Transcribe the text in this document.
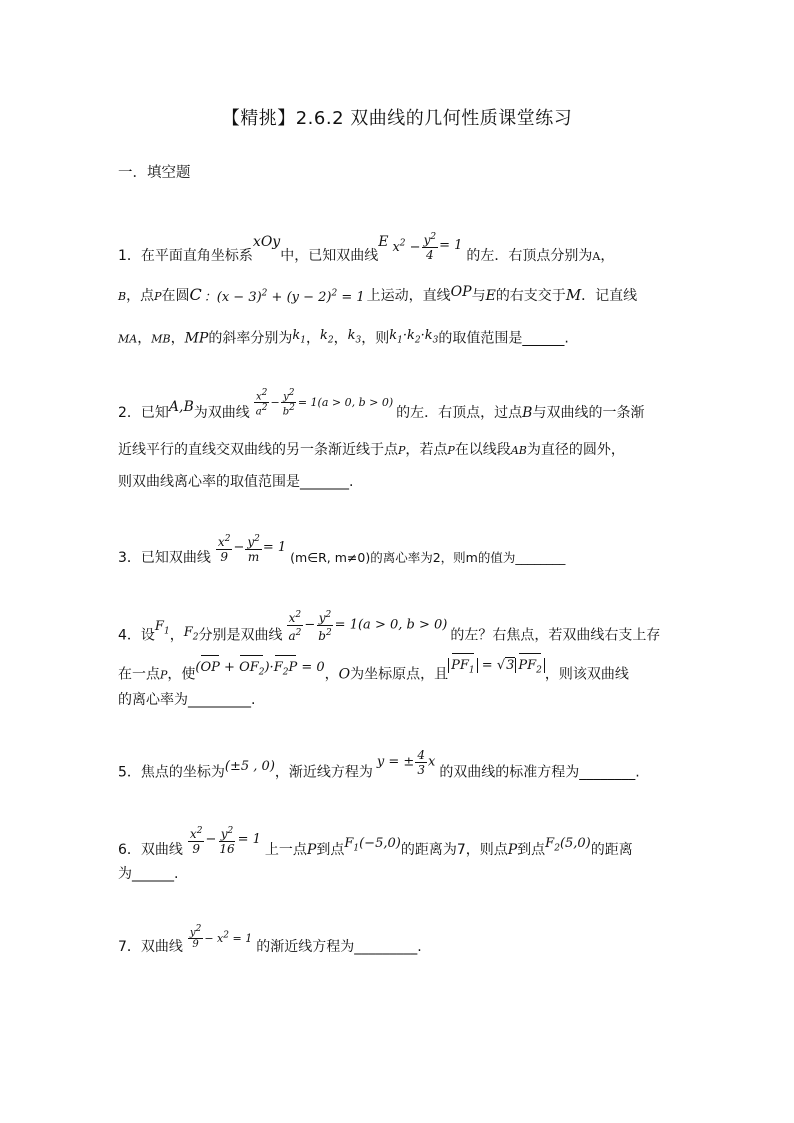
【精挑】2.6.2 双曲线的几何性质课堂练习
一．填空题
1．在平面直角坐标系xOy中，已知双曲线E $x^2 - \frac{y^2}{4} = 1$的左．右顶点分别为A，
B，点P在圆C ：$(x - 3)^2 + (y - 2)^2 = 1$ 上运动，直线OP与E的右支交于M．记直线
MA，MB，MP的斜率分别为$k_1$，$k_2$，$k_3$，则$k_1\cdot k_2\cdot k_3$的取值范围是______.
2．已知A,B为双曲线 $\frac{x^2}{a^2} - \frac{y^2}{b^2} = 1(a > 0$, b > 0)的左．右顶点，过点B与双曲线的一条渐
近线平行的直线交双曲线的另一条渐近线于点P，若点P在以线段AB为直径的圆外，
则双曲线离心率的取值范围是_______.
3．已知双曲线 $\frac{x^2}{9} - \frac{y^2}{m}$ = 1(m∈R, m≠0)的离心率为2，则m的值为________
4．设$F_1$，$F_2$分别是双曲线 $\frac{x^2}{a^2} - \frac{y^2}{b^2} = 1(a > 0$, b > 0)的左？右焦点，若双曲线右支上存
在一点P，使$(OP + OF_2)\cdot F_2P = 0$，O为坐标原点，且$PF_1 = √3$ $PF_2$ ，则该双曲线
的离心率为_________.
5．焦点的坐标为(±5 , 0)，渐近线方程为y = ± $\frac{4}{3}$ x的双曲线的标准方程为________.
6．双曲线 $\frac{x^2}{9} - \frac{y^2}{16} = 1$上一点P到点$F_1(-5,0)$的距离为7，则点P到点$F_2(5,0)$的距离
为______.
7．双曲线 $\frac{y^2}{9} - x^2 = 1$的渐近线方程为_________.
